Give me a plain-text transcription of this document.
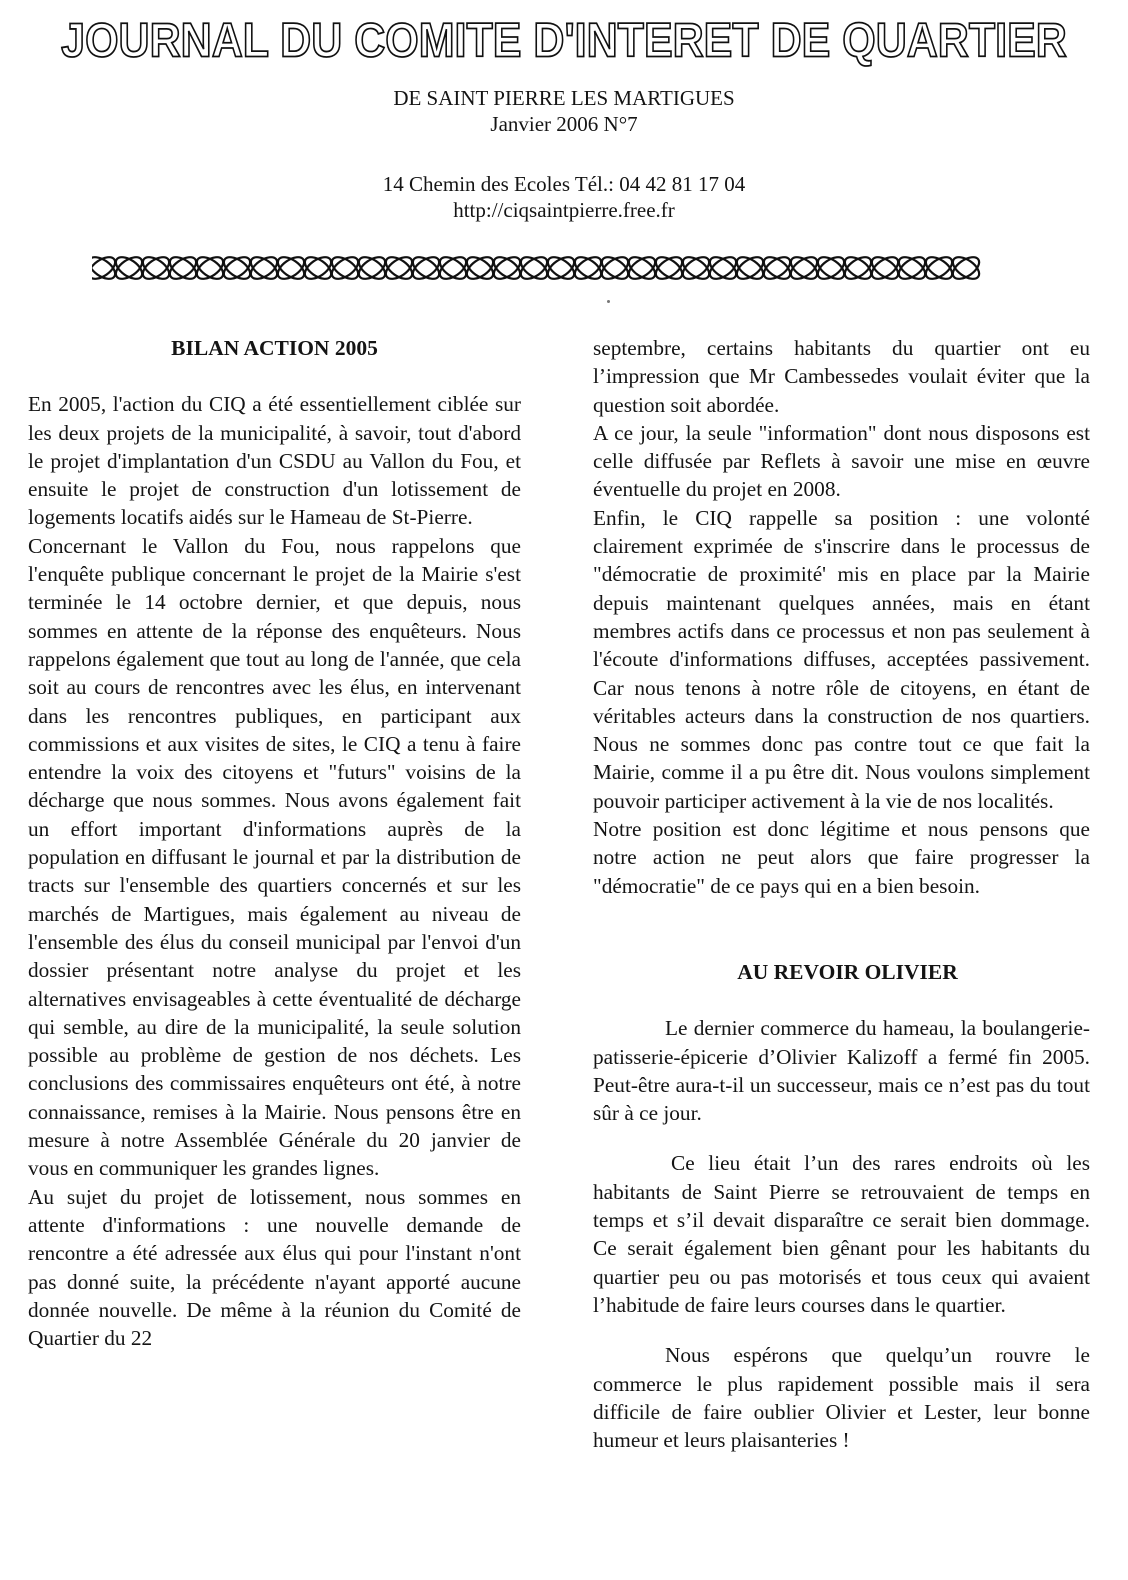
JOURNAL DU COMITE D'INTERET DE QUARTIER
DE SAINT PIERRE LES MARTIGUES
Janvier 2006 N°7
14 Chemin des Ecoles Tél.: 04 42 81 17 04
http://ciqsaintpierre.free.fr
BILAN ACTION 2005

En 2005, l'action du CIQ a été essentiellement ciblée sur les deux projets de la municipalité, à savoir, tout d'abord le projet d'implantation d'un CSDU au Vallon du Fou, et ensuite le projet de construction d'un lotissement de logements locatifs aidés sur le Hameau de St-Pierre.

Concernant le Vallon du Fou, nous rappelons que l'enquête publique concernant le projet de la Mairie s'est terminée le 14 octobre dernier, et que depuis, nous sommes en attente de la réponse des enquêteurs. Nous rappelons également que tout au long de l'année, que cela soit au cours de rencontres avec les élus, en intervenant dans les rencontres publiques, en participant aux commissions et aux visites de sites, le CIQ a tenu à faire entendre la voix des citoyens et "futurs" voisins de la décharge que nous sommes. Nous avons également fait un effort important d'informations auprès de la population en diffusant le journal et par la distribution de tracts sur l'ensemble des quartiers concernés et sur les marchés de Martigues, mais également au niveau de l'ensemble des élus du conseil municipal par l'envoi d'un dossier présentant notre analyse du projet et les alternatives envisageables à cette éventualité de décharge qui semble, au dire de la municipalité, la seule solution possible au problème de gestion de nos déchets. Les conclusions des commissaires enquêteurs ont été, à notre connaissance, remises à la Mairie. Nous pensons être en mesure à notre Assemblée Générale du 20 janvier de vous en communiquer les grandes lignes.

Au sujet du projet de lotissement, nous sommes en attente d'informations : une nouvelle demande de rencontre a été adressée aux élus qui pour l'instant n'ont pas donné suite, la précédente n'ayant apporté aucune donnée nouvelle. De même à la réunion du Comité de Quartier du 22

septembre, certains habitants du quartier ont eu l’impression que Mr Cambessedes voulait éviter que la question soit abordée.

A ce jour, la seule "information" dont nous disposons est celle diffusée par Reflets à savoir une mise en œuvre éventuelle du projet en 2008.

Enfin, le CIQ rappelle sa position : une volonté clairement exprimée de s'inscrire dans le processus de "démocratie de proximité' mis en place par la Mairie depuis maintenant quelques années, mais en étant membres actifs dans ce processus et non pas seulement à l'écoute d'informations diffuses, acceptées passivement. Car nous tenons à notre rôle de citoyens, en étant de véritables acteurs dans la construction de nos quartiers. Nous ne sommes donc pas contre tout ce que fait la Mairie, comme il a pu être dit. Nous voulons simplement pouvoir participer activement à la vie de nos localités.

Notre position est donc légitime et nous pensons que notre action ne peut alors que faire progresser la "démocratie" de ce pays qui en a bien besoin.

AU REVOIR OLIVIER

Le dernier commerce du hameau, la boulangerie-patisserie-épicerie d’Olivier Kalizoff a fermé fin 2005. Peut-être aura-t-il un successeur, mais ce n’est pas du tout sûr à ce jour.

Ce lieu était l’un des rares endroits où les habitants de Saint Pierre se retrouvaient de temps en temps et s’il devait disparaître ce serait bien dommage. Ce serait également bien gênant pour les habitants du quartier peu ou pas motorisés et tous ceux qui avaient l’habitude de faire leurs courses dans le quartier.

Nous espérons que quelqu’un rouvre le commerce le plus rapidement possible mais il sera difficile de faire oublier Olivier et Lester, leur bonne humeur et leurs plaisanteries !
